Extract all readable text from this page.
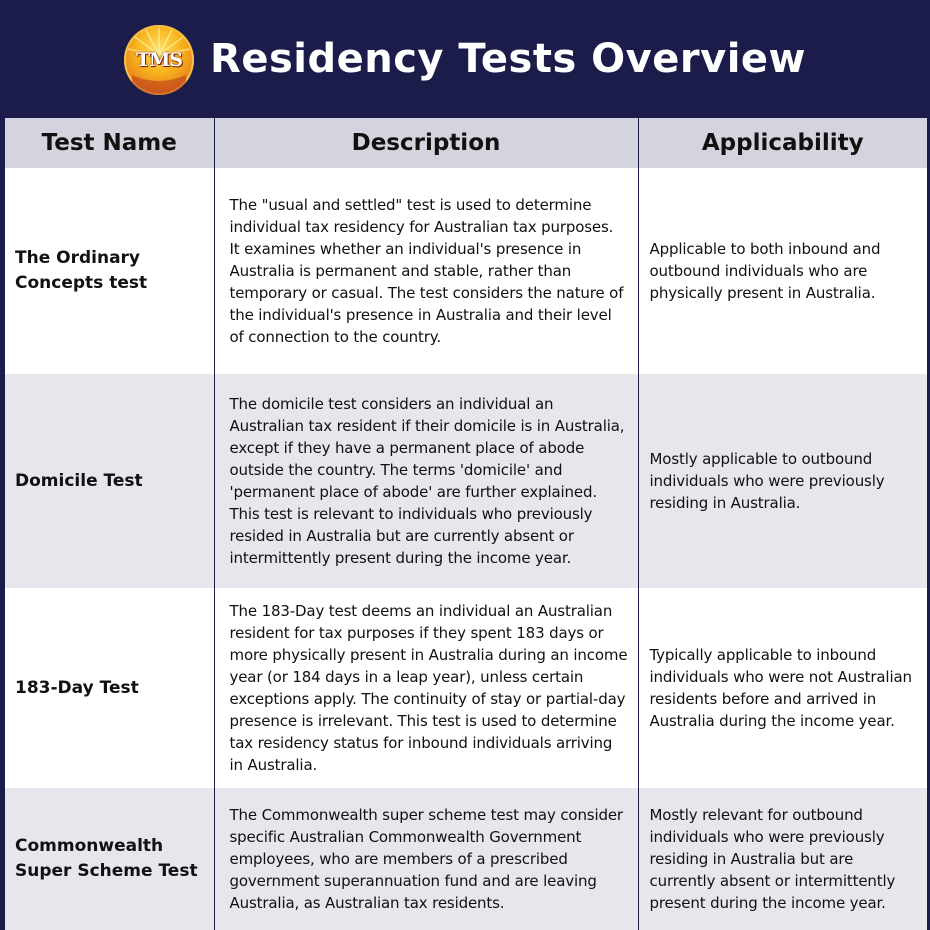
TMS Residency Tests Overview
Test Name	Description	Applicability
The Ordinary Concepts test	The "usual and settled" test is used to determine individual tax residency for Australian tax purposes. It examines whether an individual's presence in Australia is permanent and stable, rather than temporary or casual. The test considers the nature of the individual's presence in Australia and their level of connection to the country.	Applicable to both inbound and outbound individuals who are physically present in Australia.
Domicile Test	The domicile test considers an individual an Australian tax resident if their domicile is in Australia, except if they have a permanent place of abode outside the country. The terms 'domicile' and 'permanent place of abode' are further explained. This test is relevant to individuals who previously resided in Australia but are currently absent or intermittently present during the income year.	Mostly applicable to outbound individuals who were previously residing in Australia.
183-Day Test	The 183-Day test deems an individual an Australian resident for tax purposes if they spent 183 days or more physically present in Australia during an income year (or 184 days in a leap year), unless certain exceptions apply. The continuity of stay or partial-day presence is irrelevant. This test is used to determine tax residency status for inbound individuals arriving in Australia.	Typically applicable to inbound individuals who were not Australian residents before and arrived in Australia during the income year.
Commonwealth Super Scheme Test	The Commonwealth super scheme test may consider specific Australian Commonwealth Government employees, who are members of a prescribed government superannuation fund and are leaving Australia, as Australian tax residents.	Mostly relevant for outbound individuals who were previously residing in Australia but are currently absent or intermittently present during the income year.
